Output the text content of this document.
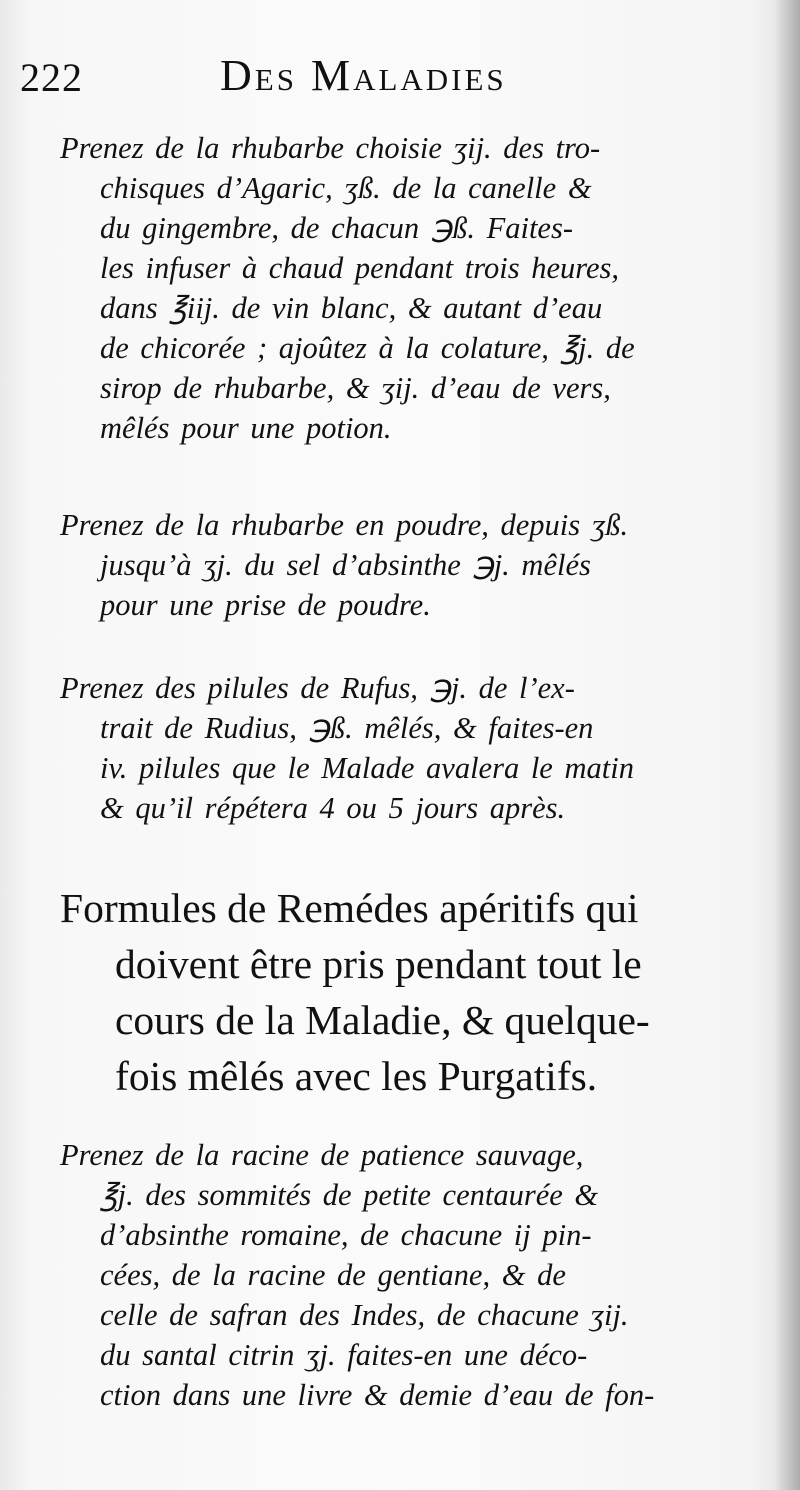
222	Des Maladies
Prenez de la rhubarbe choisie ʒij. des tro-
chisques d’Agaric, ʒß. de la canelle &
du gingembre, de chacun ℈ß. Faites-
les infuser à chaud pendant trois heures,
dans ℥iij. de vin blanc, & autant d’eau
de chicorée ; ajoûtez à la colature, ℥j. de
sirop de rhubarbe, & ʒij. d’eau de vers,
mêlés pour une potion.
Prenez de la rhubarbe en poudre, depuis ʒß.
jusqu’à ʒj. du sel d’absinthe ℈j. mêlés
pour une prise de poudre.
Prenez des pilules de Rufus, ℈j. de l’ex-
trait de Rudius, ℈ß. mêlés, & faites-en
iv. pilules que le Malade avalera le matin
& qu’il répétera 4 ou 5 jours après.
Formules de Remédes apéritifs qui
doivent être pris pendant tout le
cours de la Maladie, & quelque-
fois mêlés avec les Purgatifs.
Prenez de la racine de patience sauvage,
℥j. des sommités de petite centaurée &
d’absinthe romaine, de chacune ij pin-
cées, de la racine de gentiane, & de
celle de safran des Indes, de chacune ʒij.
du santal citrin ʒj. faites-en une déco-
ction dans une livre & demie d’eau de fon-
